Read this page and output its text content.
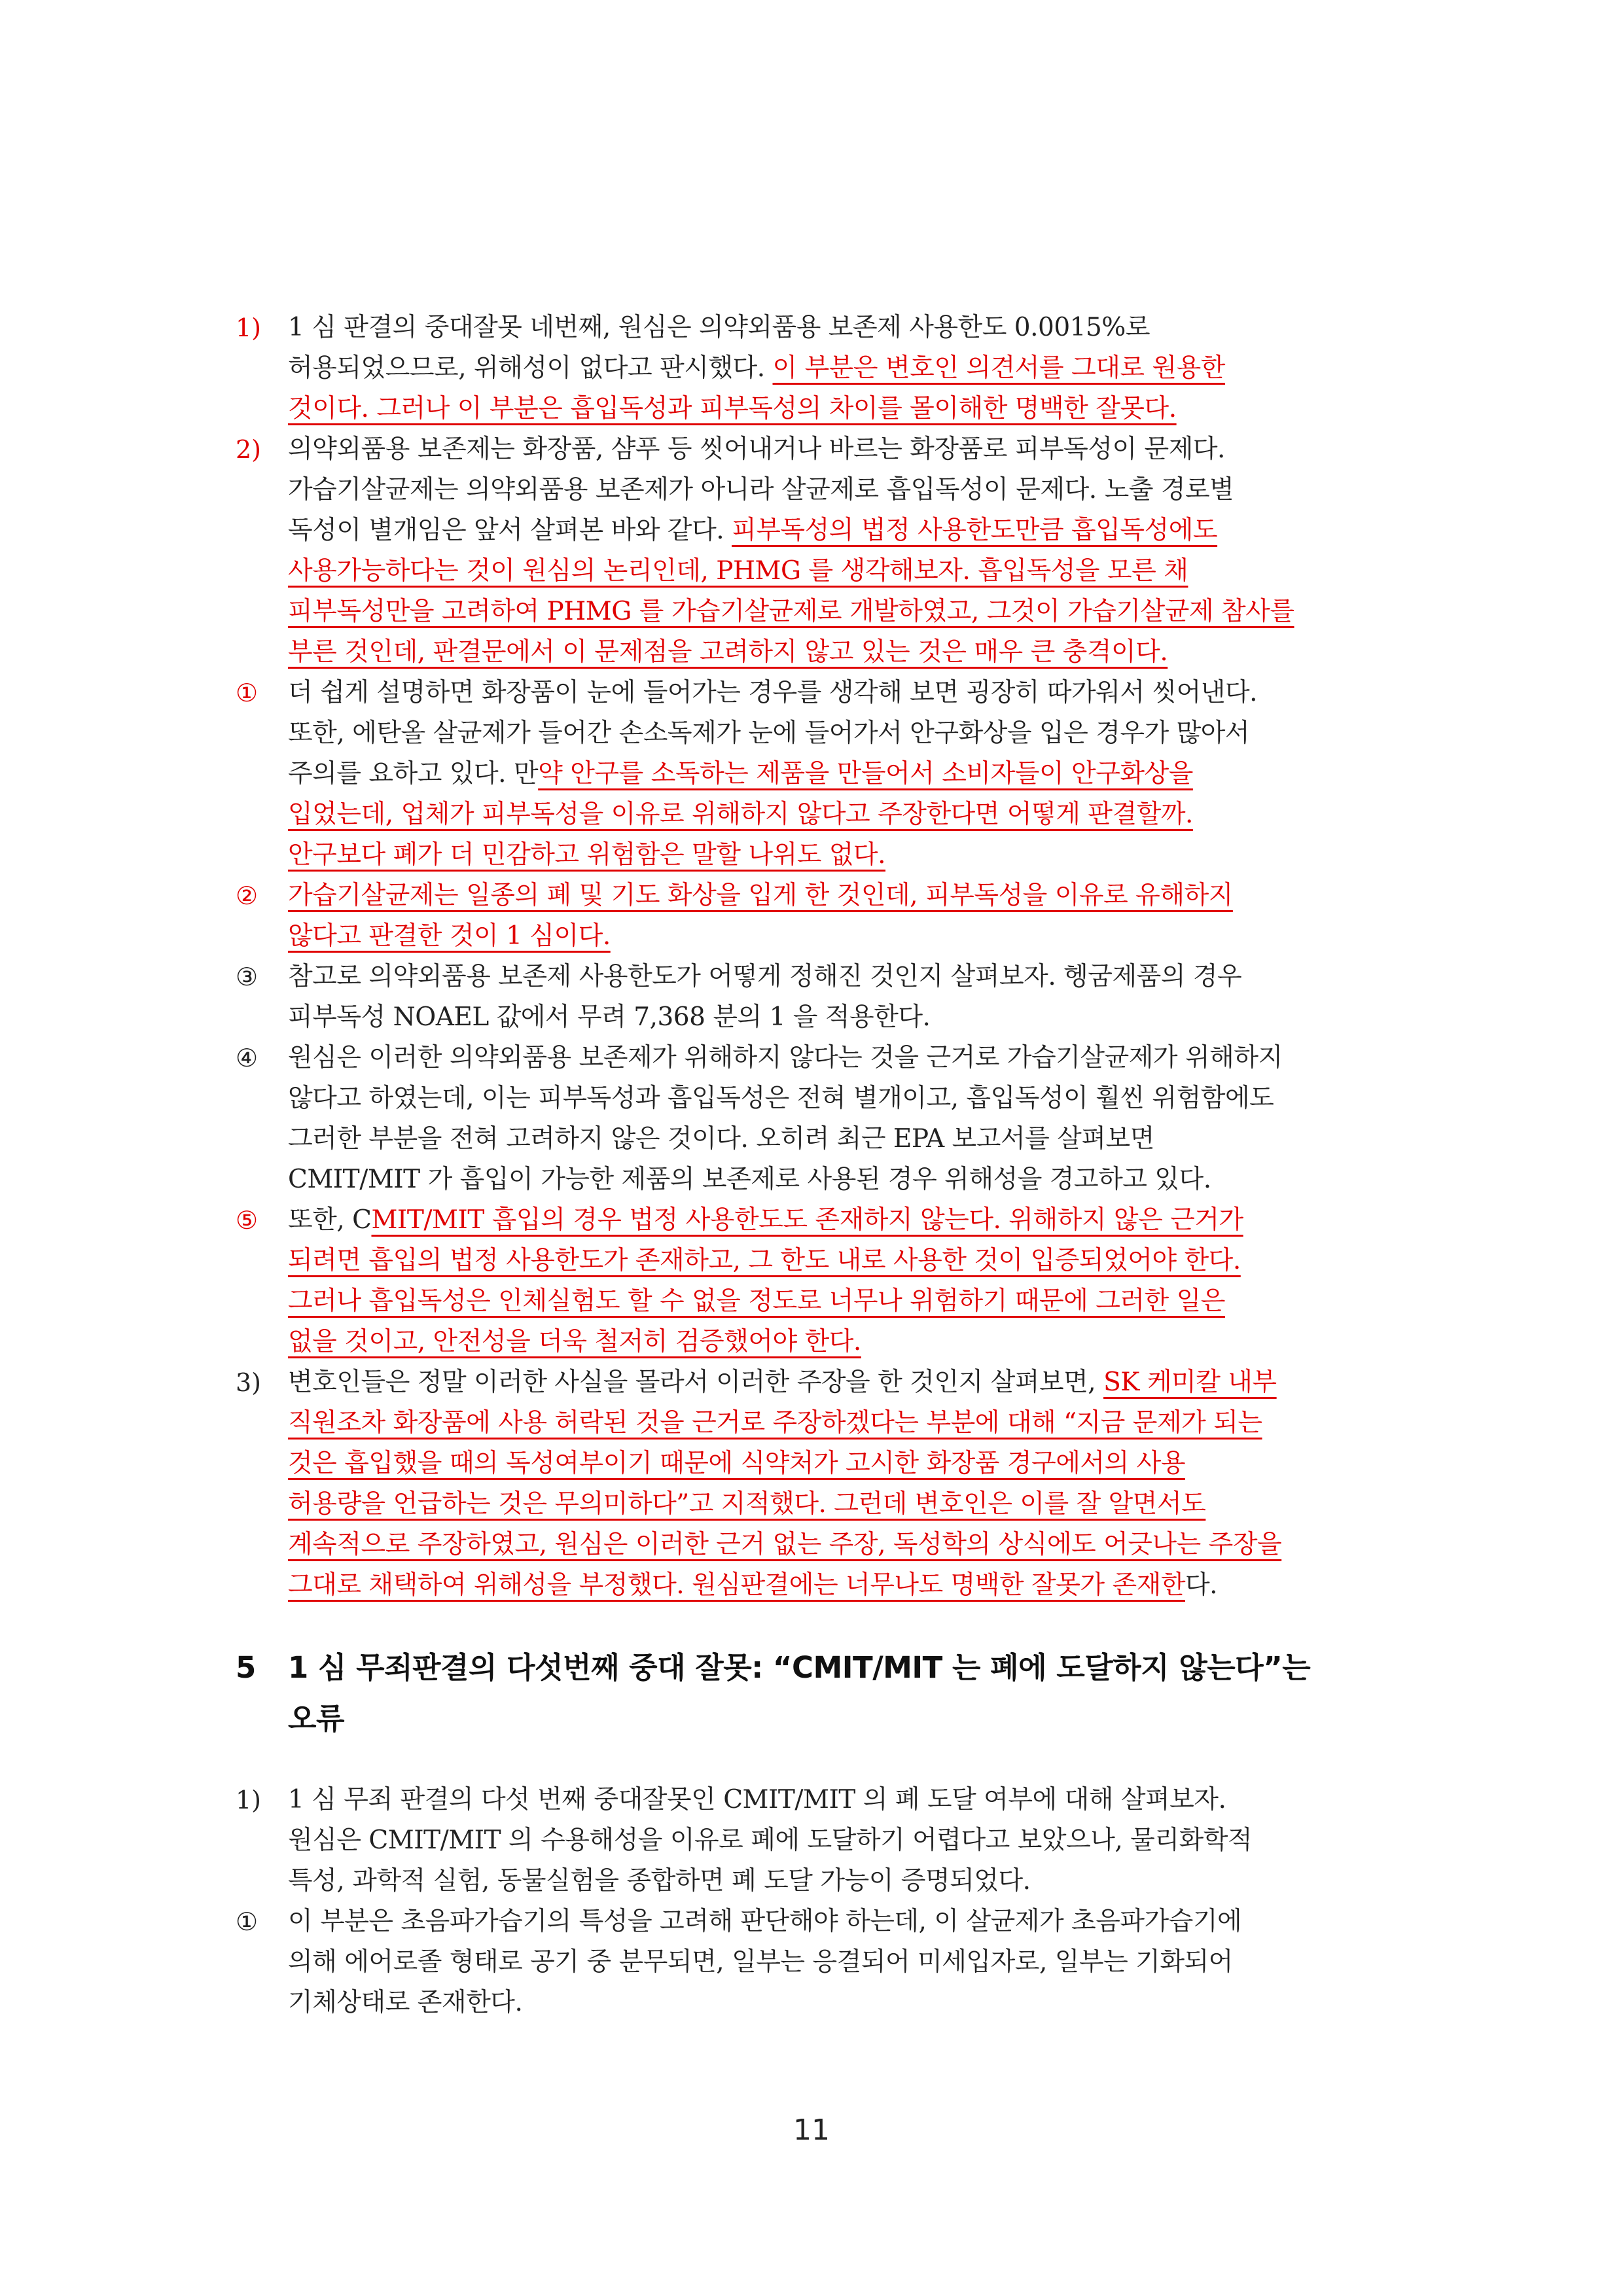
1)	1 심 판결의 중대잘못 네번째, 원심은 의약외품용 보존제 사용한도 0.0015%로
허용되었으므로, 위해성이 없다고 판시했다. 이 부분은 변호인 의견서를 그대로 원용한
것이다. 그러나 이 부분은 흡입독성과 피부독성의 차이를 몰이해한 명백한 잘못다.
2)	의약외품용 보존제는 화장품, 샴푸 등 씻어내거나 바르는 화장품로 피부독성이 문제다.
가습기살균제는 의약외품용 보존제가 아니라 살균제로 흡입독성이 문제다. 노출 경로별
독성이 별개임은 앞서 살펴본 바와 같다. 피부독성의 법정 사용한도만큼 흡입독성에도
사용가능하다는 것이 원심의 논리인데, PHMG 를 생각해보자. 흡입독성을 모른 채
피부독성만을 고려하여 PHMG 를 가습기살균제로 개발하였고, 그것이 가습기살균제 참사를
부른 것인데, 판결문에서 이 문제점을 고려하지 않고 있는 것은 매우 큰 충격이다.
①	더 쉽게 설명하면 화장품이 눈에 들어가는 경우를 생각해 보면 굉장히 따가워서 씻어낸다.
또한, 에탄올 살균제가 들어간 손소독제가 눈에 들어가서 안구화상을 입은 경우가 많아서
주의를 요하고 있다. 만약 안구를 소독하는 제품을 만들어서 소비자들이 안구화상을
입었는데, 업체가 피부독성을 이유로 위해하지 않다고 주장한다면 어떻게 판결할까.
안구보다 폐가 더 민감하고 위험함은 말할 나위도 없다.
②	가습기살균제는 일종의 폐 및 기도 화상을 입게 한 것인데, 피부독성을 이유로 유해하지
않다고 판결한 것이 1 심이다.
③	참고로 의약외품용 보존제 사용한도가 어떻게 정해진 것인지 살펴보자. 헹굼제품의 경우
피부독성 NOAEL 값에서 무려 7,368 분의 1 을 적용한다.
④	원심은 이러한 의약외품용 보존제가 위해하지 않다는 것을 근거로 가습기살균제가 위해하지
않다고 하였는데, 이는 피부독성과 흡입독성은 전혀 별개이고, 흡입독성이 훨씬 위험함에도
그러한 부분을 전혀 고려하지 않은 것이다. 오히려 최근 EPA 보고서를 살펴보면
CMIT/MIT 가 흡입이 가능한 제품의 보존제로 사용된 경우 위해성을 경고하고 있다.
⑤	또한, CMIT/MIT 흡입의 경우 법정 사용한도도 존재하지 않는다. 위해하지 않은 근거가
되려면 흡입의 법정 사용한도가 존재하고, 그 한도 내로 사용한 것이 입증되었어야 한다.
그러나 흡입독성은 인체실험도 할 수 없을 정도로 너무나 위험하기 때문에 그러한 일은
없을 것이고, 안전성을 더욱 철저히 검증했어야 한다.
3)	변호인들은 정말 이러한 사실을 몰라서 이러한 주장을 한 것인지 살펴보면, SK 케미칼 내부
직원조차 화장품에 사용 허락된 것을 근거로 주장하겠다는 부분에 대해 “지금 문제가 되는
것은 흡입했을 때의 독성여부이기 때문에 식약처가 고시한 화장품 경구에서의 사용
허용량을 언급하는 것은 무의미하다”고 지적했다. 그런데 변호인은 이를 잘 알면서도
계속적으로 주장하였고, 원심은 이러한 근거 없는 주장, 독성학의 상식에도 어긋나는 주장을
그대로 채택하여 위해성을 부정했다. 원심판결에는 너무나도 명백한 잘못가 존재한다.
5	1 심 무죄판결의 다섯번째 중대 잘못: “CMIT/MIT 는 폐에 도달하지 않는다”는
오류
1)	1 심 무죄 판결의 다섯 번째 중대잘못인 CMIT/MIT 의 폐 도달 여부에 대해 살펴보자.
원심은 CMIT/MIT 의 수용해성을 이유로 폐에 도달하기 어렵다고 보았으나, 물리화학적
특성, 과학적 실험, 동물실험을 종합하면 폐 도달 가능이 증명되었다.
①	이 부분은 초음파가습기의 특성을 고려해 판단해야 하는데, 이 살균제가 초음파가습기에
의해 에어로졸 형태로 공기 중 분무되면, 일부는 응결되어 미세입자로, 일부는 기화되어
기체상태로 존재한다.
11
